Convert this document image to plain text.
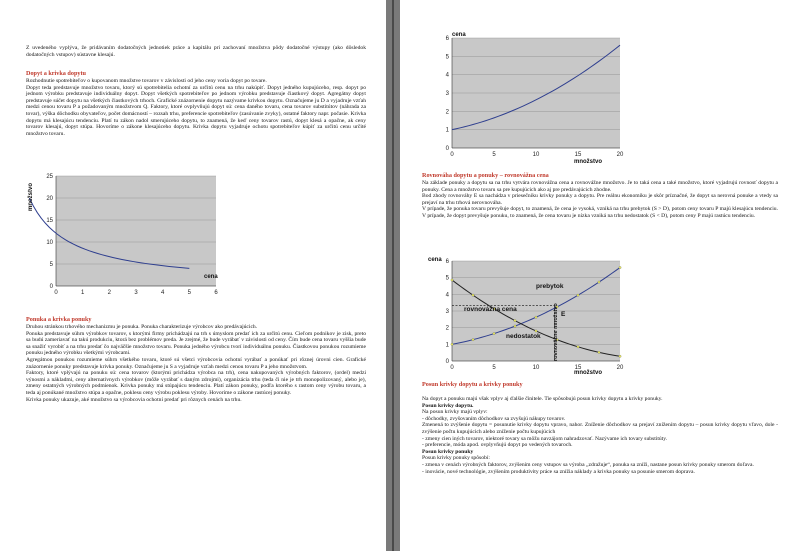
Z uvedeného vyplýva, že pridávaním dodatočných jednotiek práce a kapitálu pri zachovaní množstva pôdy dodatočné výstupy (ako dôsledok dodatočných vstupov) sústavne klesajú.
Dopyt a krivka dopytu

Rozhodnutie spotrebiteľov o kupovanom množstve tovarov v závislosti od jeho ceny voria dopyt po tovare.

Dopyt teda predstavuje množstvo tovaru, ktorý sú spotrebitelia ochotní za určitú cenu na trhu nakúpiť. Dopyt jedného kupujúceho, resp. dopyt po jednom výrobku predstavuje individuálny dopyt. Dopyt všetkých spotrebiteľov po jednom výrobku predstavuje čiastkový dopyt. Agregátny dopyt predstavuje súčet dopytu na všetkých čiastkových trhoch. Grafické znázornenie dopytu nazývame krivkou dopytu. Označujeme ju D a vyjadruje vzťah medzi cenou tovaru P a požadovaným množstvom Q. Faktory, ktoré ovplyvňujú dopyt sú: cena daného tovaru, cena tovarov substitútov (náhrada za tovar), výška dôchodku obyvateľov, počet domácností – rozsah trhu, preferencie spotrebiteľov (zasúvanie zvyky), ostatné faktory napr. počasie. Krivka dopytu má klesajúcu tendenciu. Platí tu zákon nadol smerujúceho dopytu, to znamená, že keď ceny tovarov rastú, dopyt klesá a opačne, ak ceny tovarov klesajú, dopyt stúpa. Hovoríme o zákone klesajúceho dopytu. Krivka dopytu vyjadruje ochotu spotrebiteľov kúpiť za určitú cenu určité množstvo tovaru.

0
5
10
15
20
25
0	1	2	3	4	5	6
množstvo
cena
Ponuka a krivka ponuky

Druhou stránkou trhového mechanizmu je ponuka. Ponuka charakterizuje výrobcov ako predávajúcich.

Ponuka predstavuje súhrn výrobkov tovarov, s ktorými firmy prichádzajú na trh s úmyslom predať ich za určitú cenu. Cieľom podnikov je zisk, preto sa budú zameriavať na takú produkciu, ktorá bez problémov preda. Je zrejmé, že bude vyrábať v závislosti od ceny. Čím bude cena tovaru vyššia bude sa snažiť vyrobiť a na trhu predať čo najväčšie množstvo tovaru. Ponuka jedného výrobcu tvorí individuálnu ponuku. Čiastkovou ponukou rozumieme ponuku jedného výrobku všetkými výrobcami.

Agregátnou ponukou rozumieme súhrn všetkého tovaru, ktoré sú všetci výrobcovia ochotní vyrábať a ponúkať pri rôznej úrovni cien. Grafické znázornenie ponuky predstavuje krivka ponuky. Označujeme ju S a vyjadruje vzťah medzi cenou tovaru P a jeho množstvom.

Faktory, ktoré vplývajú na ponuku sú: cena tovarov (ktorými prichádza výrobca na trh), cena nakupovaných výrobných faktorov, (ordel) medzi výnosmi a nákladmi, ceny alternatívnych výrobkov (môže vyrábať s daným zdrojmi), organizácia trhu (teda či nie je trh monopolizovaný, alebo je), zmeny ostatných výrobných podmienok. Krivka ponuky má stúpajúcu tendenciu. Platí zákon ponuky, podľa ktorého s rastom ceny výrobu tovaru, a teda aj ponúkané množstvo stúpa a opačne, poklesu ceny výrobu poklesu výroby. Hovoríme o zákone rastúcej ponuky.

Krivka ponuky ukazuje, aké množstvo sa výrobcovia ochotní predať pri rôznych cenách na trhu.

0
1
2
3
4
5
6
0	5	10	15	20
cena
množstvo
Rovnováha dopytu a ponuky – rovnovážna cena

Na základe ponuky a dopytu sa na trhu vytvára rovnovážna cena a rovnovážne množstvo. Je to taká cena a také množstvo, ktoré vyjadrujú rovnosť dopytu a ponuky. Cena a množstvo tovaru sa pre kupujúcich ako aj pre predávajúcich zhodne.

Bod zhody rovnováhy E sa nachádza v priesečníku krivky ponuky a dopytu. Pre reálnu ekonomiku je skôr príznačné, že dopyt sa nerovná ponuke a vtedy sa prejaví na trhu trhová nerovnováha.

V prípade, že ponuka tovaru prevyšuje dopyt, to znamená, že cena je vysoká, vzniká na trhu prebytok (S > D), potom ceny tovaru P majú klesajúcu tendenciu. V prípade, že dopyt prevyšuje ponuku, to znamená, že cena tovaru je nízka vzniká na trhu nedostatok (S < D), potom ceny P majú rastúcu tendenciu.

0
1
2
3
4
5
6
0	5	10	15	20
cena
množstvo
prebytok
rovnovážna cena
E
nedostatok rovnovážne množstvo
Posun krivky dopytu a krivky ponuky

Na dopyt a ponuku majú však vplyv aj ďalšie činitele. Tie spôsobujú posun krivky dopytu a krivky ponuky.

Posun krivky dopytu.

Na posun krivky majú vplyv:

- dôchodky, zvyšovaním dôchodkov sa zvyšujú nákupy tovarov.

Zmenená to zvýšenie dopytu = posunutie krivky dopytu vpravo, nahor. Zníženie dôchodkov sa prejaví znížením dopytu – posun krivky dopytu vľavo, dole -zvýšenie počtu kupujúcich alebo zníženie počtu kupujúcich

- zmeny cien iných tovarov, niektoré tovary sa môžu navzájom nahradzovať. Nazývame ich tovary substitúty.

- preferencie, móda apod. ovplyvňujú dopyt po vedených tovaroch.

Posun krivky ponuky

Posun krivky ponuky spôsobí:

- zmena v cenách výrobných faktorov, zvýšením ceny vstupov sa výroba „zdražuje“, ponuka sa zníži, nastane posun krivky ponuky smerom doľava.

- inovácie, nové technológie, zvýšením produktivity práce sa znížia náklady a krivka ponuky sa posunie smerom doprava.
